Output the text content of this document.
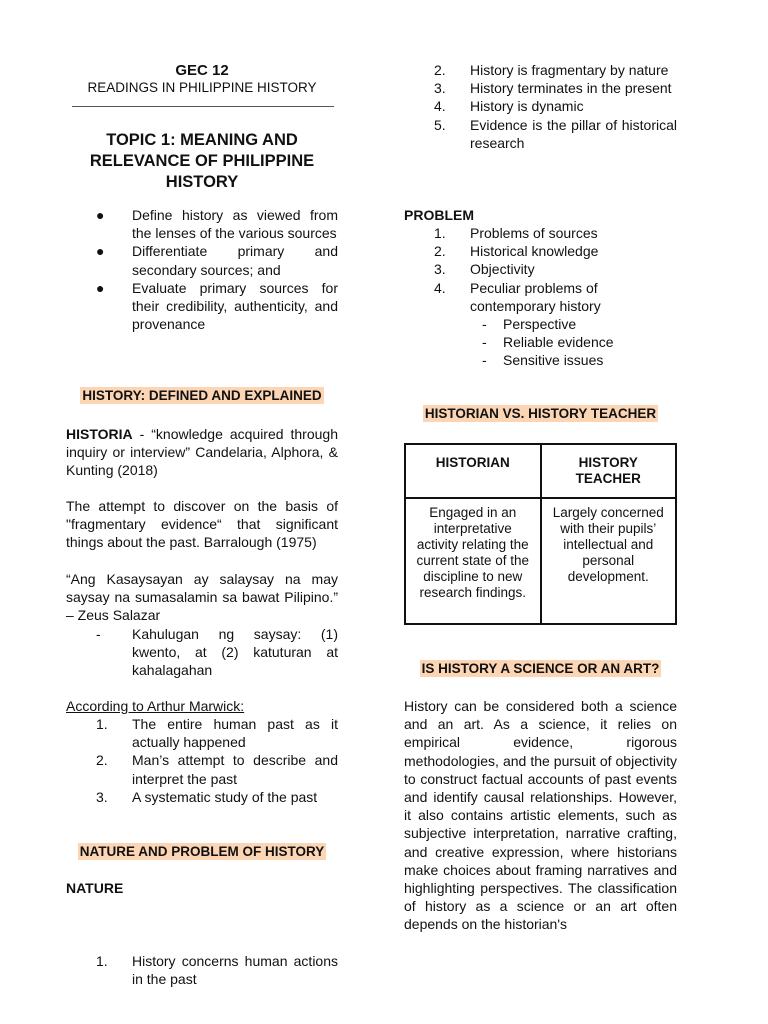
GEC 12
READINGS IN PHILIPPINE HISTORY
TOPIC 1: MEANING AND RELEVANCE OF PHILIPPINE HISTORY
● Define history as viewed from the lenses of the various sources

● Differentiate primary and secondary sources; and

● Evaluate primary sources for their credibility, authenticity, and provenance

HISTORY: DEFINED AND EXPLAINED

HISTORIA - “knowledge acquired through inquiry or interview” Candelaria, Alphora, & Kunting (2018)

The attempt to discover on the basis of "fragmentary evidence“ that significant things about the past. Barralough (1975)

“Ang Kasaysayan ay salaysay na may saysay na sumasalamin sa bawat Pilipino.” – Zeus Salazar

- Kahulugan ng saysay: (1) kwento, at (2) katuturan at kahalagahan

According to Arthur Marwick:

1. The entire human past as it actually happened

2. Man’s attempt to describe and interpret the past

3. A systematic study of the past

NATURE AND PROBLEM OF HISTORY

NATURE

1. History concerns human actions in the past

2. History is fragmentary by nature

3. History terminates in the present

4. History is dynamic

5. Evidence is the pillar of historical research

PROBLEM

1. Problems of sources

2. Historical knowledge

3. Objectivity

4. Peculiar problems of contemporary history

- Perspective

- Reliable evidence

- Sensitive issues

HISTORIAN VS. HISTORY TEACHER
HISTORIAN	HISTORY TEACHER
Engaged in an interpretative activity relating the current state of the discipline to new research findings.	Largely concerned with their pupils’ intellectual and personal development.
IS HISTORY A SCIENCE OR AN ART?

History can be considered both a science and an art. As a science, it relies on empirical evidence, rigorous methodologies, and the pursuit of objectivity to construct factual accounts of past events and identify causal relationships. However, it also contains artistic elements, such as subjective interpretation, narrative crafting, and creative expression, where historians make choices about framing narratives and highlighting perspectives. The classification of history as a science or an art often depends on the historian's
